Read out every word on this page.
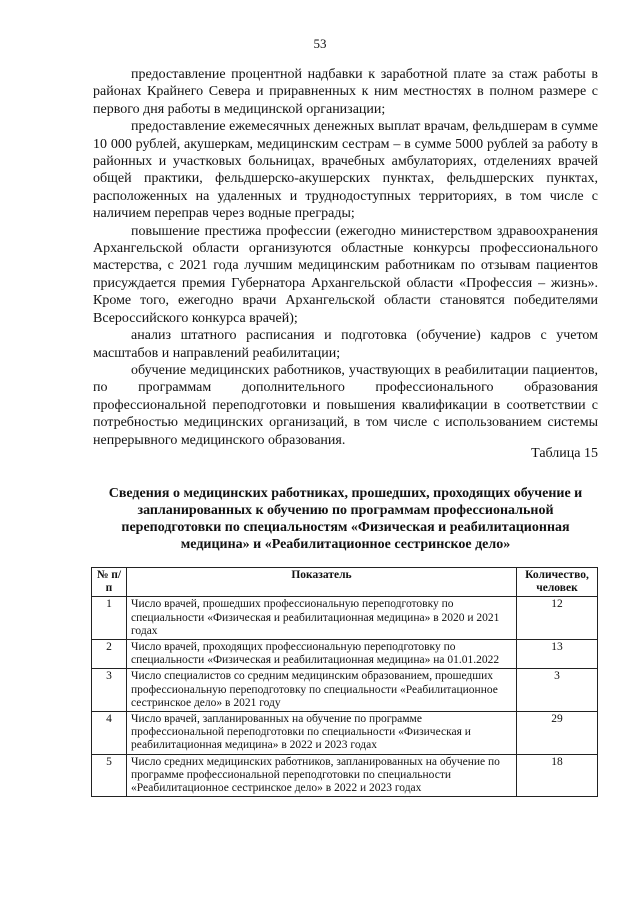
53

предоставление процентной надбавки к заработной плате за стаж работы в районах Крайнего Севера и приравненных к ним местностях в полном размере с первого дня работы в медицинской организации;

предоставление ежемесячных денежных выплат врачам, фельдшерам в сумме 10 000 рублей, акушеркам, медицинским сестрам – в сумме 5000 рублей за работу в районных и участковых больницах, врачебных амбулаториях, отделениях врачей общей практики, фельдшерско-акушерских пунктах, фельдшерских пунктах, расположенных на удаленных и труднодоступных территориях, в том числе с наличием переправ через водные преграды;

повышение престижа профессии (ежегодно министерством здравоохранения Архангельской области организуются областные конкурсы профессионального мастерства, с 2021 года лучшим медицинским работникам по отзывам пациентов присуждается премия Губернатора Архангельской области «Профессия – жизнь». Кроме того, ежегодно врачи Архангельской области становятся победителями Всероссийского конкурса врачей);

анализ штатного расписания и подготовка (обучение) кадров с учетом масштабов и направлений реабилитации;

обучение медицинских работников, участвующих в реабилитации пациентов, по программам дополнительного профессионального образования профессиональной переподготовки и повышения квалификации в соответствии с потребностью медицинских организаций, в том числе с использованием системы непрерывного медицинского образования.

Таблица 15
Сведения о медицинских работниках, прошедших, проходящих обучение и запланированных к обучению по программам профессиональной переподготовки по специальностям «Физическая и реабилитационная медицина» и «Реабилитационное сестринское дело»
№ п/п	Показатель	Количество, человек
1	Число врачей, прошедших профессиональную переподготовку по специальности «Физическая и реабилитационная медицина» в 2020 и 2021 годах	12
2	Число врачей, проходящих профессиональную переподготовку по специальности «Физическая и реабилитационная медицина» на 01.01.2022	13
3	Число специалистов со средним медицинским образованием, прошедших профессиональную переподготовку по специальности «Реабилитационное сестринское дело» в 2021 году	3
4	Число врачей, запланированных на обучение по программе профессиональной переподготовки по специальности «Физическая и реабилитационная медицина» в 2022 и 2023 годах	29
5	Число средних медицинских работников, запланированных на обучение по программе профессиональной переподготовки по специальности «Реабилитационное сестринское дело» в 2022 и 2023 годах	18
